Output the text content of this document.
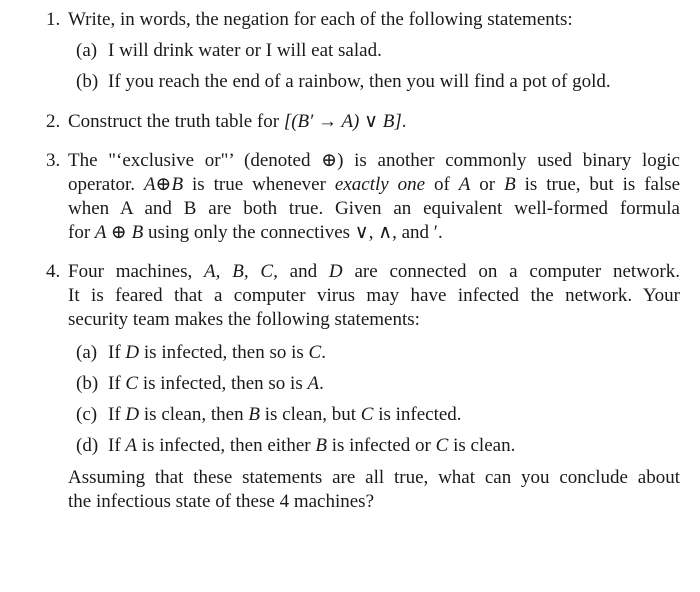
1. Write, in words, the negation for each of the following statements:
(a) I will drink water or I will eat salad.
(b) If you reach the end of a rainbow, then you will find a pot of gold.
2. Construct the truth table for [(B′ → A) ∨ B].
3. The "‘exclusive or"’ (denoted ⊕) is another commonly used binary logic
operator. A⊕B is true whenever exactly one of A or B is true, but is false
when A and B are both true. Given an equivalent well-formed formula
for A ⊕ B using only the connectives ∨, ∧, and ′.
4. Four machines, A, B, C, and D are connected on a computer network.
It is feared that a computer virus may have infected the network. Your
security team makes the following statements:
(a) If D is infected, then so is C.
(b) If C is infected, then so is A.
(c) If D is clean, then B is clean, but C is infected.
(d) If A is infected, then either B is infected or C is clean.
Assuming that these statements are all true, what can you conclude about
the infectious state of these 4 machines?
